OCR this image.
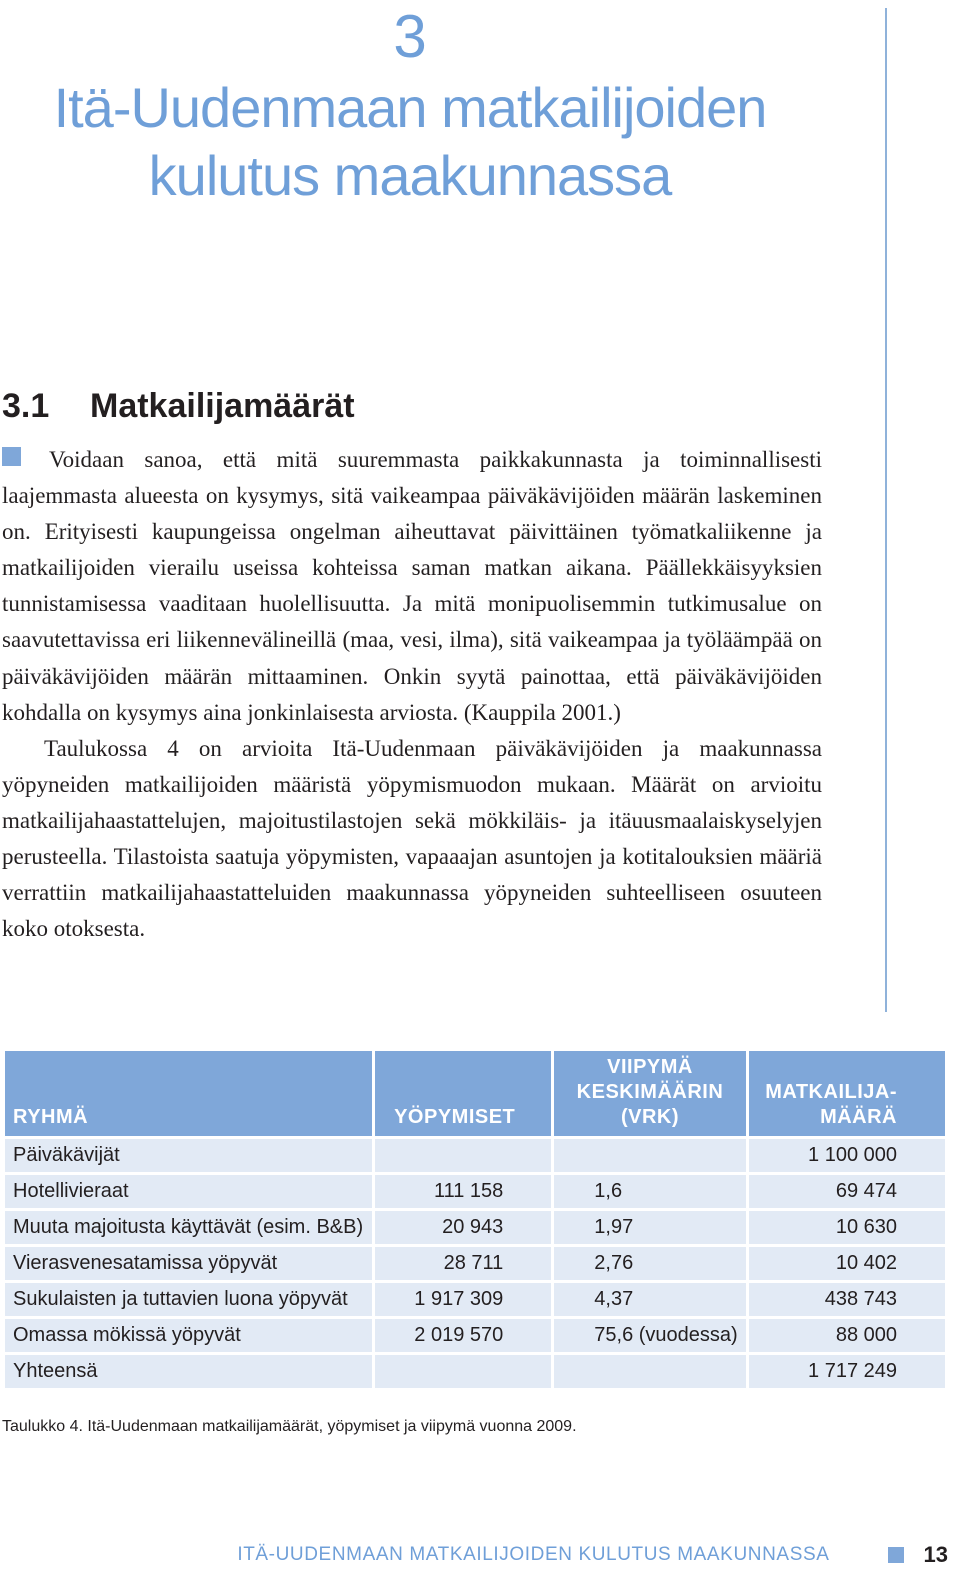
3
Itä-Uudenmaan matkailijoiden
kulutus maakunnassa
3.1 Matkailijamäärät

Voidaan sanoa, että mitä suuremmasta paikkakunnasta ja toiminnallisesti laajemmasta alueesta on kysymys, sitä vaikeampaa päiväkävijöiden määrän laskeminen on. Erityisesti kaupungeissa ongelman aiheuttavat päivittäinen työmatkaliikenne ja matkailijoiden vierailu useissa kohteissa saman matkan aikana. Päällekkäisyyksien tunnistamisessa vaaditaan huolellisuutta. Ja mitä monipuolisemmin tutkimusalue on saavutettavissa eri liikennevälineillä (maa, vesi, ilma), sitä vaikeampaa ja työläämpää on päiväkävijöiden määrän mittaaminen. Onkin syytä painottaa, että päiväkävijöiden kohdalla on kysymys aina jonkinlaisesta arviosta. (Kauppila 2001.)

Taulukossa 4 on arvioita Itä-Uudenmaan päiväkävijöiden ja maakunnassa yöpyneiden matkailijoiden määristä yöpymismuodon mukaan. Määrät on arvioitu matkailijahaastattelujen, majoitustilastojen sekä mökkiläis- ja itäuusmaalaiskyselyjen perusteella. Tilastoista saatuja yöpymisten, vapaaajan asuntojen ja kotitalouksien määriä verrattiin matkailijahaastatteluiden maakunnassa yöpyneiden suhteelliseen osuuteen koko otoksesta.

RYHMÄ	YÖPYMISET	VIIPYMÄ KESKIMÄÄRIN (VRK)	MATKAILIJA-MÄÄRÄ
Päiväkävijät			1 100 000
Hotellivieraat	111 158	1,6	69 474
Muuta majoitusta käyttävät (esim. B&B)	20 943	1,97	10 630
Vierasvenesatamissa yöpyvät	28 711	2,76	10 402
Sukulaisten ja tuttavien luona yöpyvät	1 917 309	4,37	438 743
Omassa mökissä yöpyvät	2 019 570	75,6 (vuodessa)	88 000
Yhteensä			1 717 249
Taulukko 4. Itä-Uudenmaan matkailijamäärät, yöpymiset ja viipymä vuonna 2009.
ITÄ-UUDENMAAN MATKAILIJOIDEN KULUTUS MAAKUNNASSA	13
